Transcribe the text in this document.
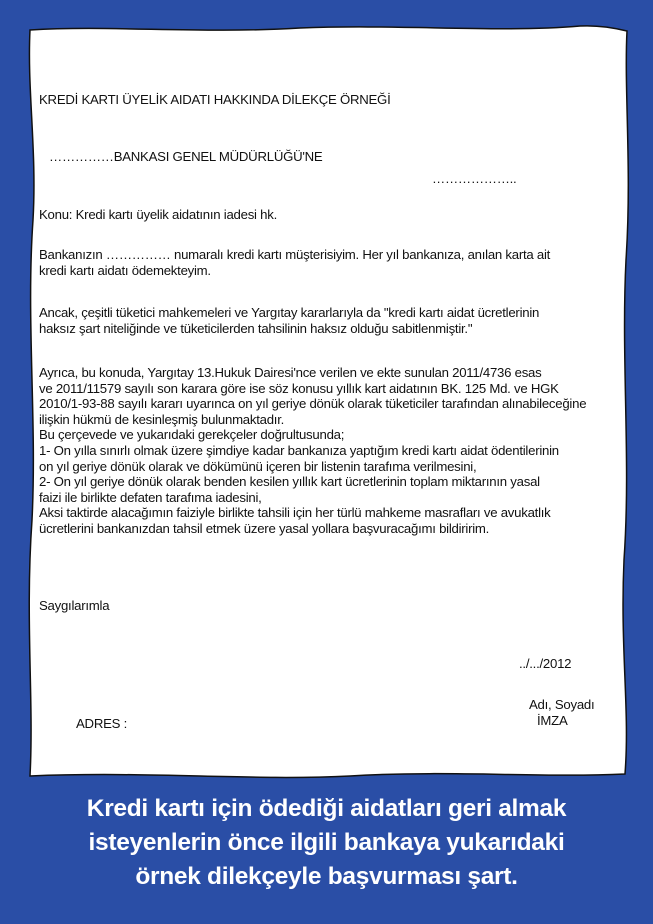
KREDİ KARTI ÜYELİK AIDATI HAKKINDA DİLEKÇE ÖRNEĞİ
……………BANKASI GENEL MÜDÜRLÜĞÜ'NE
………………..
Konu: Kredi kartı üyelik aidatının iadesi hk.
Bankanızın …………… numaralı kredi kartı müşterisiyim. Her yıl bankanıza, anılan karta ait
kredi kartı aidatı ödemekteyim.
Ancak, çeşitli tüketici mahkemeleri ve Yargıtay kararlarıyla da "kredi kartı aidat ücretlerinin
haksız şart niteliğinde ve tüketicilerden tahsilinin haksız olduğu sabitlenmiştir."
Ayrıca, bu konuda, Yargıtay 13.Hukuk Dairesi'nce verilen ve ekte sunulan 2011/4736 esas
ve 2011/11579 sayılı son karara göre ise söz konusu yıllık kart aidatının BK. 125 Md. ve HGK
2010/1-93-88 sayılı kararı uyarınca on yıl geriye dönük olarak tüketiciler tarafından alınabileceğine
ilişkin hükmü de kesinleşmiş bulunmaktadır.
Bu çerçevede ve yukarıdaki gerekçeler doğrultusunda;
1- On yılla sınırlı olmak üzere şimdiye kadar bankanıza yaptığım kredi kartı aidat ödentilerinin
on yıl geriye dönük olarak ve dökümünü içeren bir listenin tarafıma verilmesini,
2- On yıl geriye dönük olarak benden kesilen yıllık kart ücretlerinin toplam miktarının yasal
faizi ile birlikte defaten tarafıma iadesini,
Aksi taktirde alacağımın faiziyle birlikte tahsili için her türlü mahkeme masrafları ve avukatlık
ücretlerini bankanızdan tahsil etmek üzere yasal yollara başvuracağımı bildiririm.
Saygılarımla
../.../2012
Adı, Soyadı
İMZA
ADRES :
Kredi kartı için ödediği aidatları geri almak
isteyenlerin önce ilgili bankaya yukarıdaki
örnek dilekçeyle başvurması şart.
